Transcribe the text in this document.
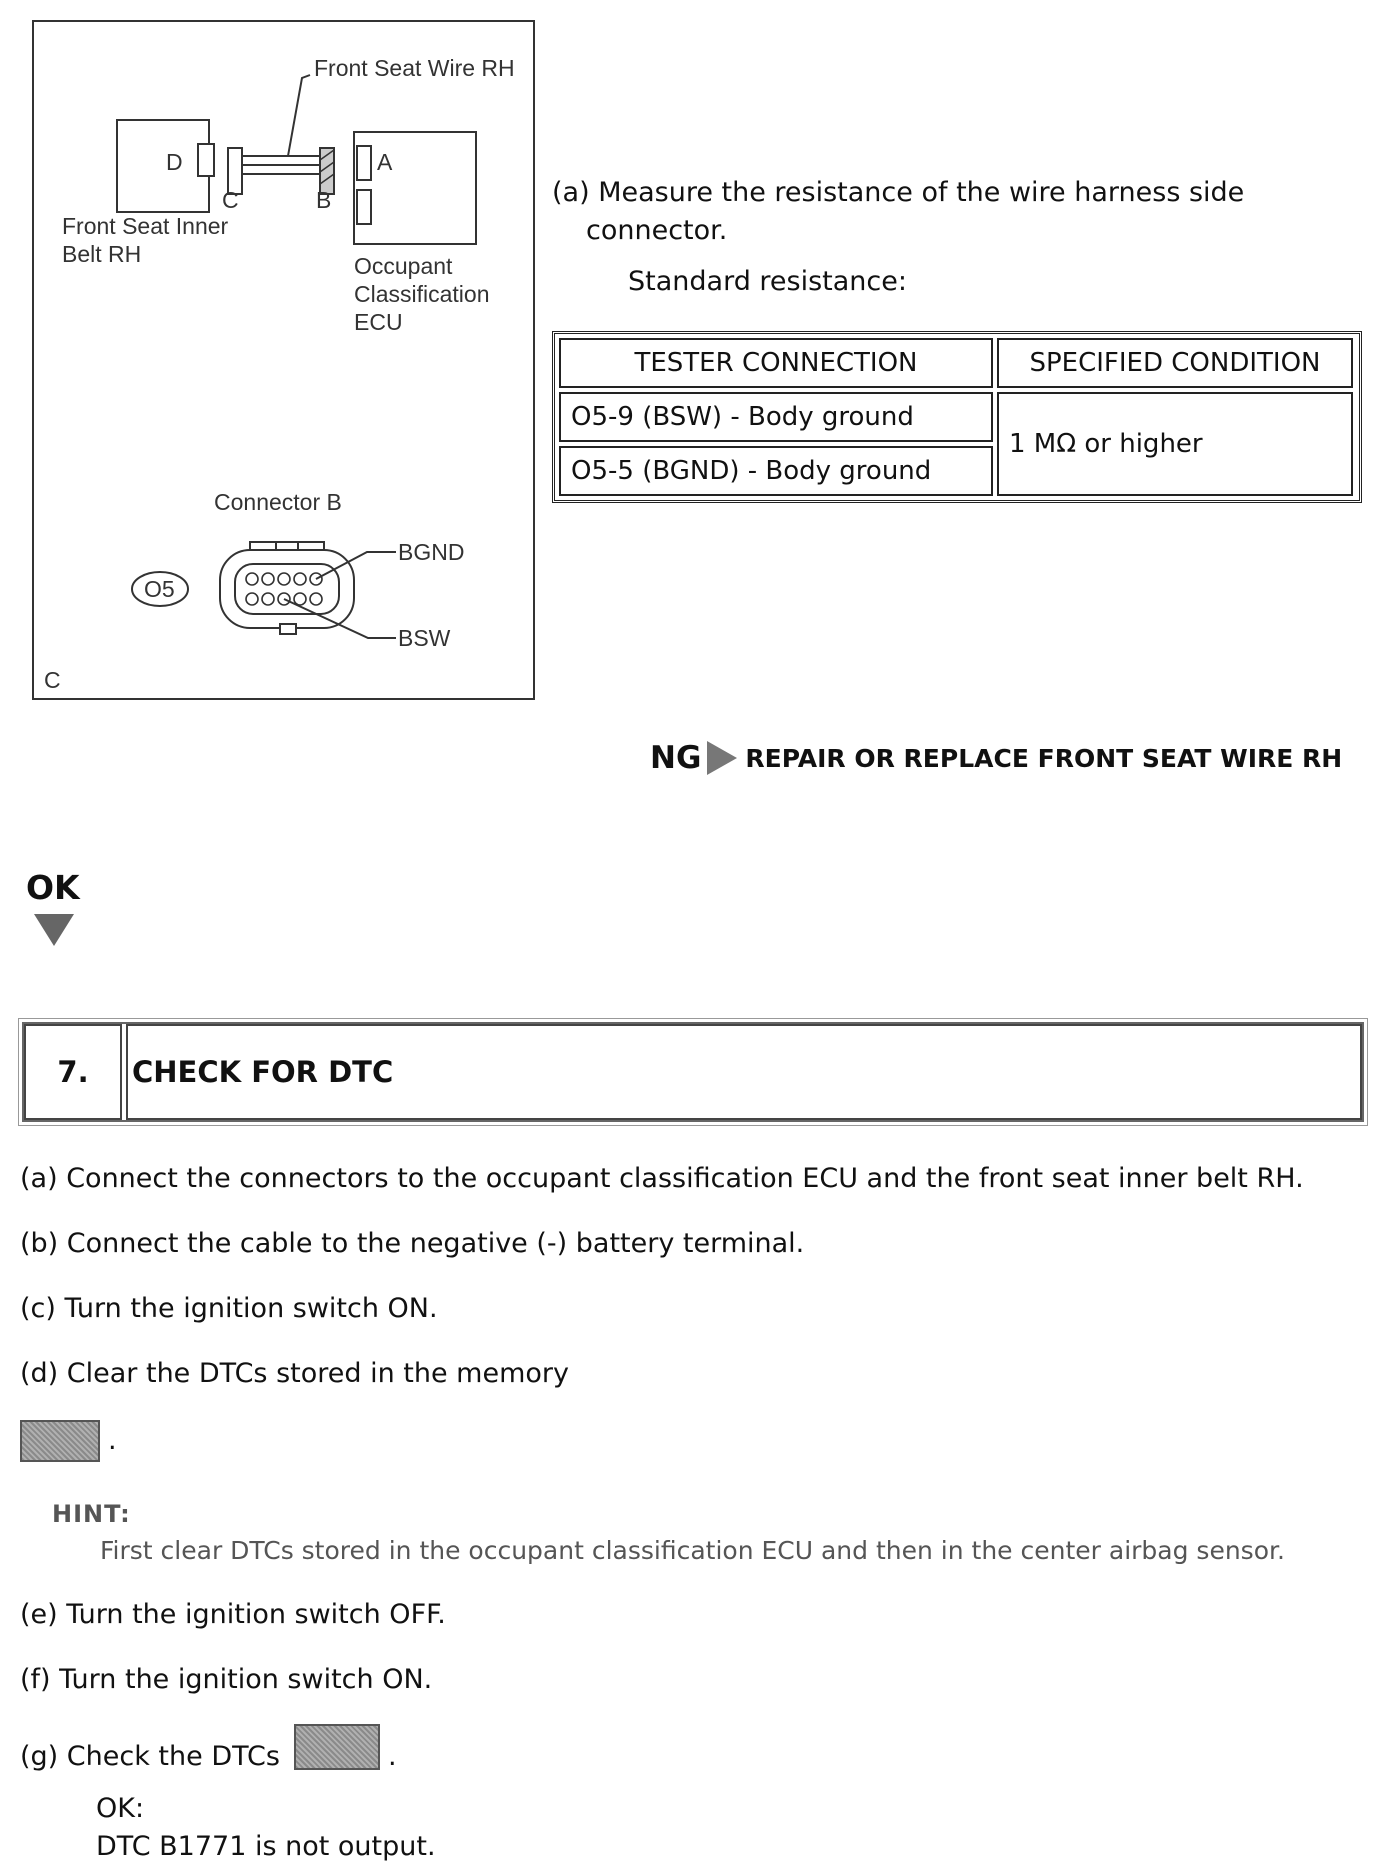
D
C	B
Front Seat Wire RH
A
Front Seat Inner
Belt RH	Occupant
Classification
ECU
Connector B
O5
BGND
BSW
C
(a) Measure the resistance of the wire harness side
connector.
Standard resistance:
TESTER CONNECTION	SPECIFIED CONDITION
O5-9 (BSW) - Body ground
O5-5 (BGND) - Body ground
1 MΩ or higher
NG REPAIR OR REPLACE FRONT SEAT WIRE RH
OK
7.	CHECK FOR DTC
(a) Connect the connectors to the occupant classification ECU and the front seat inner belt RH.
(b) Connect the cable to the negative (-) battery terminal.
(c) Turn the ignition switch ON.
(d) Clear the DTCs stored in the memory
.
HINT:
First clear DTCs stored in the occupant classification ECU and then in the center airbag sensor.
(e) Turn the ignition switch OFF.
(f) Turn the ignition switch ON.
(g) Check the DTCs	.
OK:
DTC B1771 is not output.
